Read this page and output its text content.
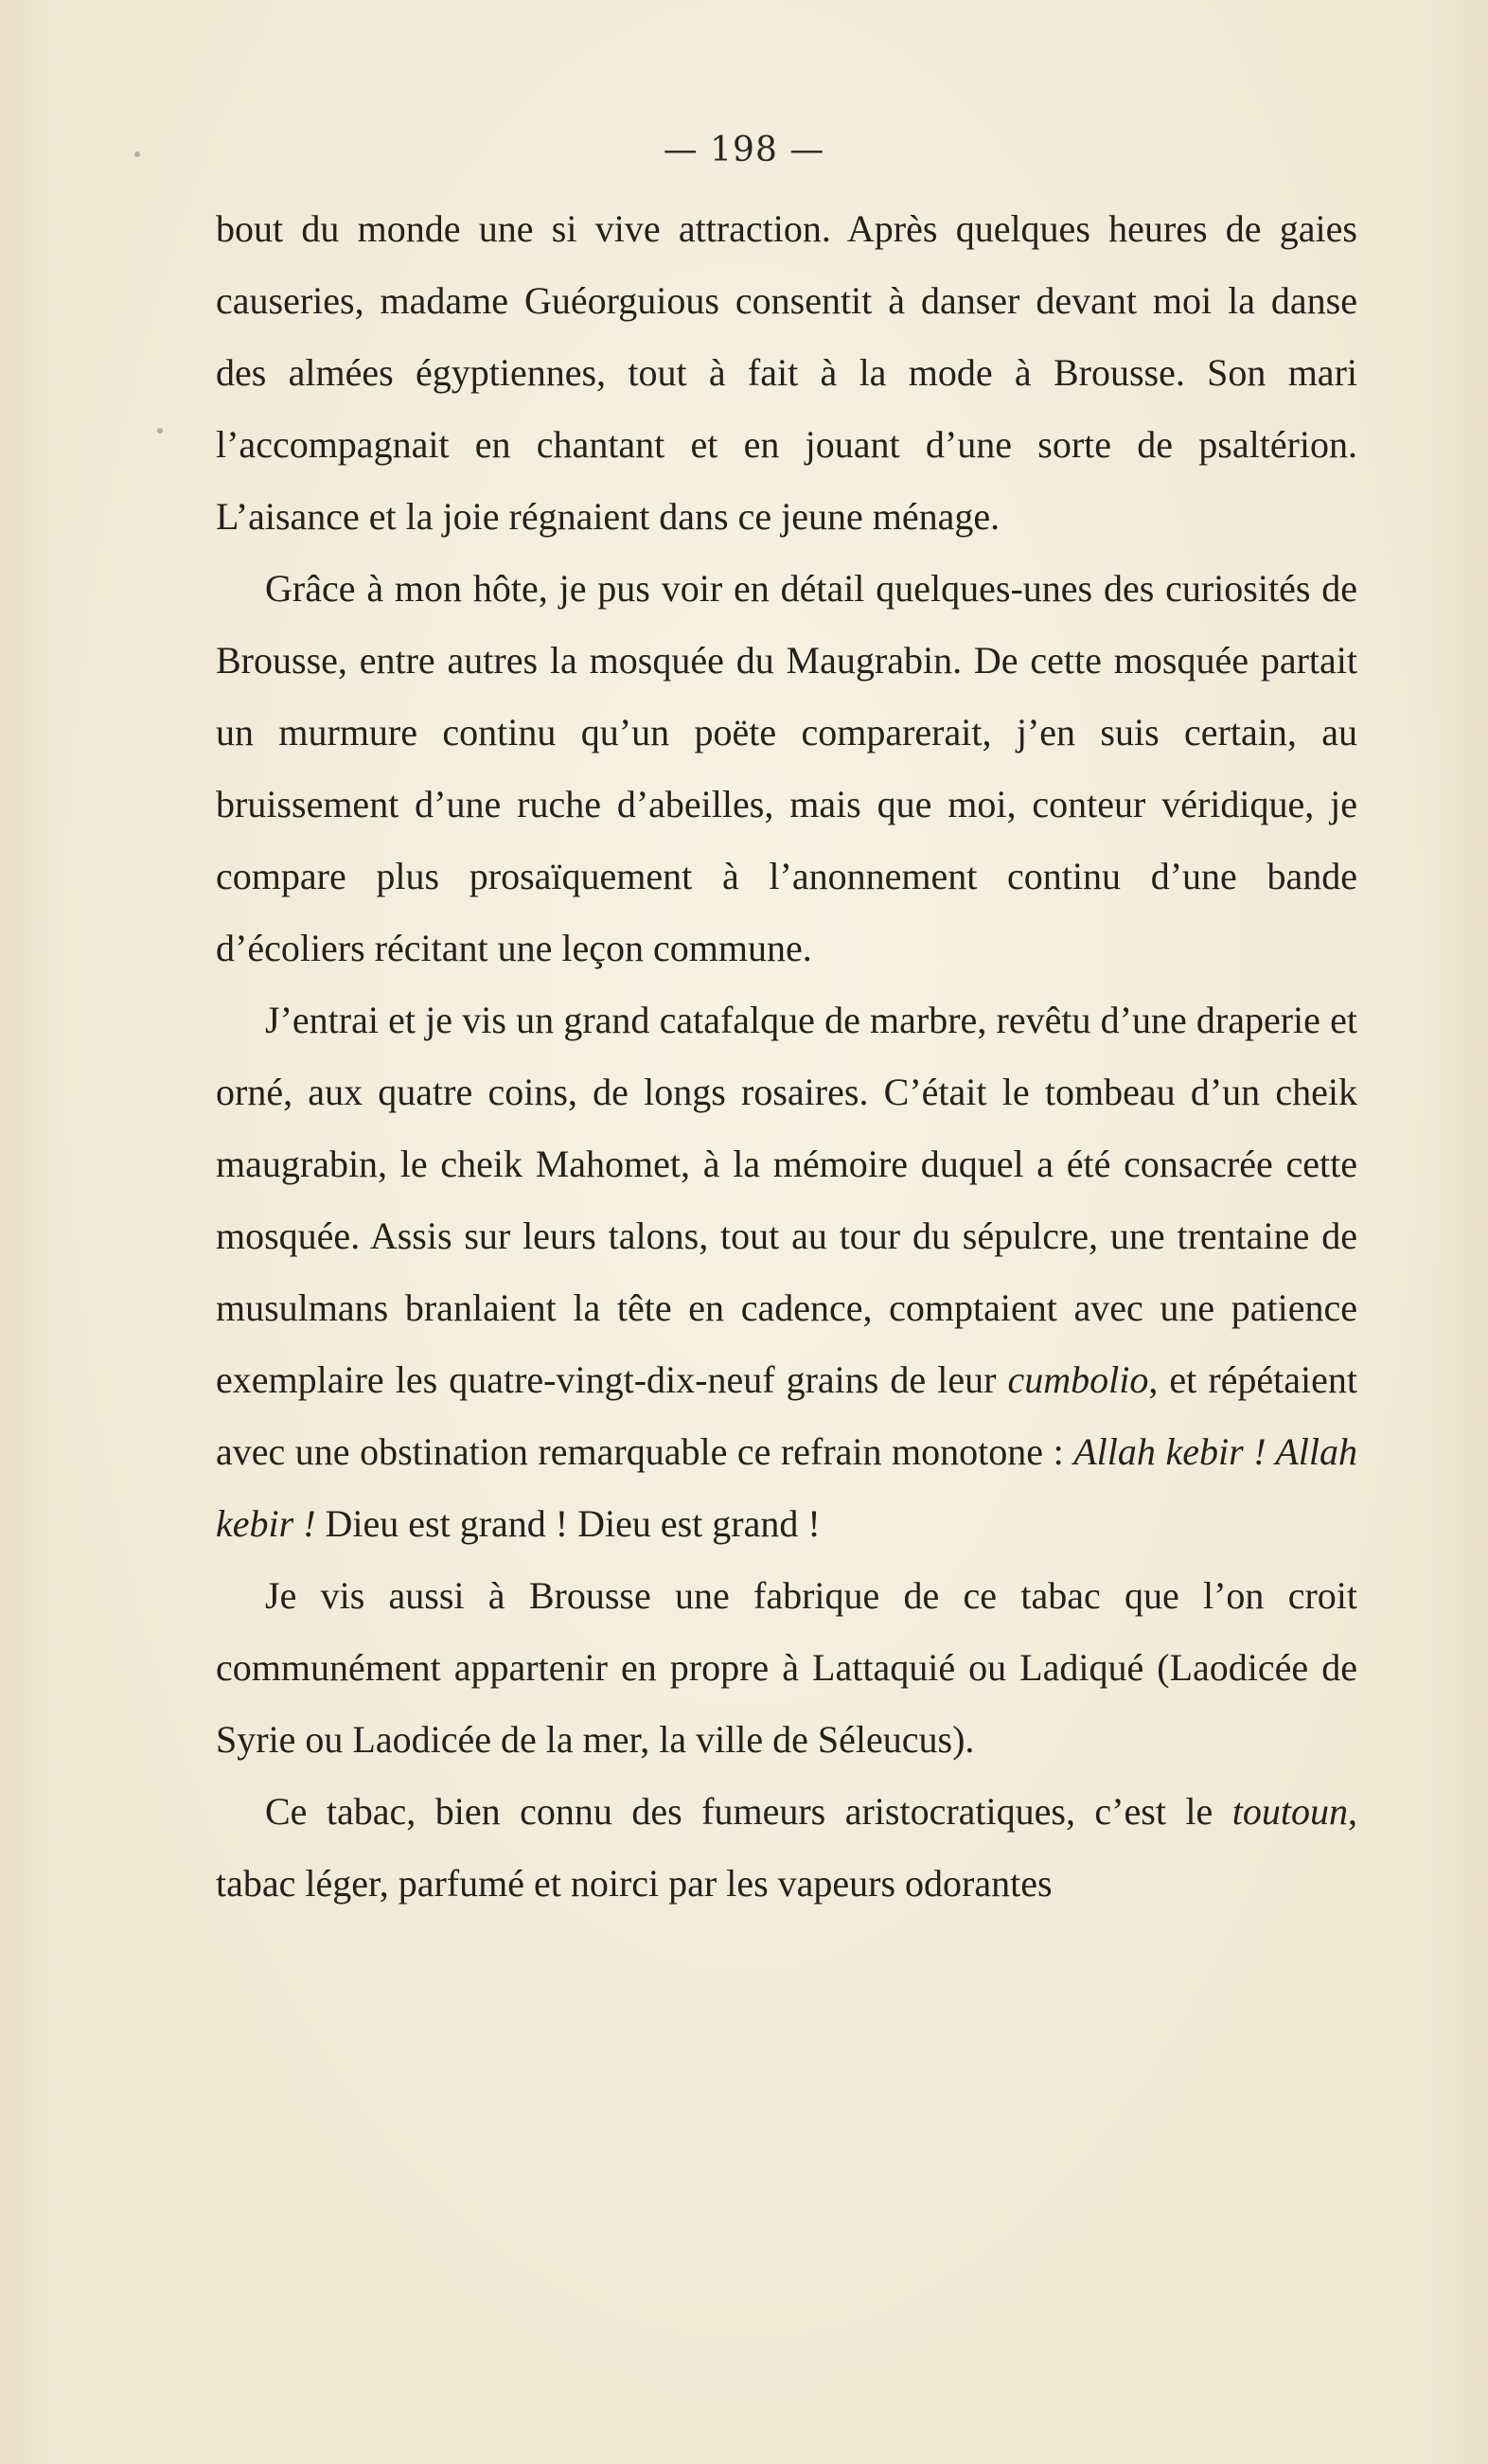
— 198 —

bout du monde une si vive attraction. Après quelques heures de gaies causeries, madame Guéorguious consentit à danser devant moi la danse des almées égyptiennes, tout à fait à la mode à Brousse. Son mari l’accompagnait en chantant et en jouant d’une sorte de psaltérion. L’aisance et la joie régnaient dans ce jeune ménage.

Grâce à mon hôte, je pus voir en détail quelques-unes des curiosités de Brousse, entre autres la mosquée du Maugrabin. De cette mosquée partait un murmure continu qu’un poëte comparerait, j’en suis certain, au bruissement d’une ruche d’abeilles, mais que moi, conteur véridique, je compare plus prosaïquement à l’anonnement continu d’une bande d’écoliers récitant une leçon commune.

J’entrai et je vis un grand catafalque de marbre, revêtu d’une draperie et orné, aux quatre coins, de longs rosaires. C’était le tombeau d’un cheik maugrabin, le cheik Mahomet, à la mémoire duquel a été consacrée cette mosquée. Assis sur leurs talons, tout au tour du sépulcre, une trentaine de musulmans branlaient la tête en cadence, comptaient avec une patience exemplaire les quatre-vingt-dix-neuf grains de leur cumbolio, et répétaient avec une obstination remarquable ce refrain monotone : Allah kebir ! Allah kebir ! Dieu est grand ! Dieu est grand !

Je vis aussi à Brousse une fabrique de ce tabac que l’on croit communément appartenir en propre à Lattaquié ou Ladiqué (Laodicée de Syrie ou Laodicée de la mer, la ville de Séleucus).

Ce tabac, bien connu des fumeurs aristocratiques, c’est le toutoun, tabac léger, parfumé et noirci par les vapeurs odorantes
